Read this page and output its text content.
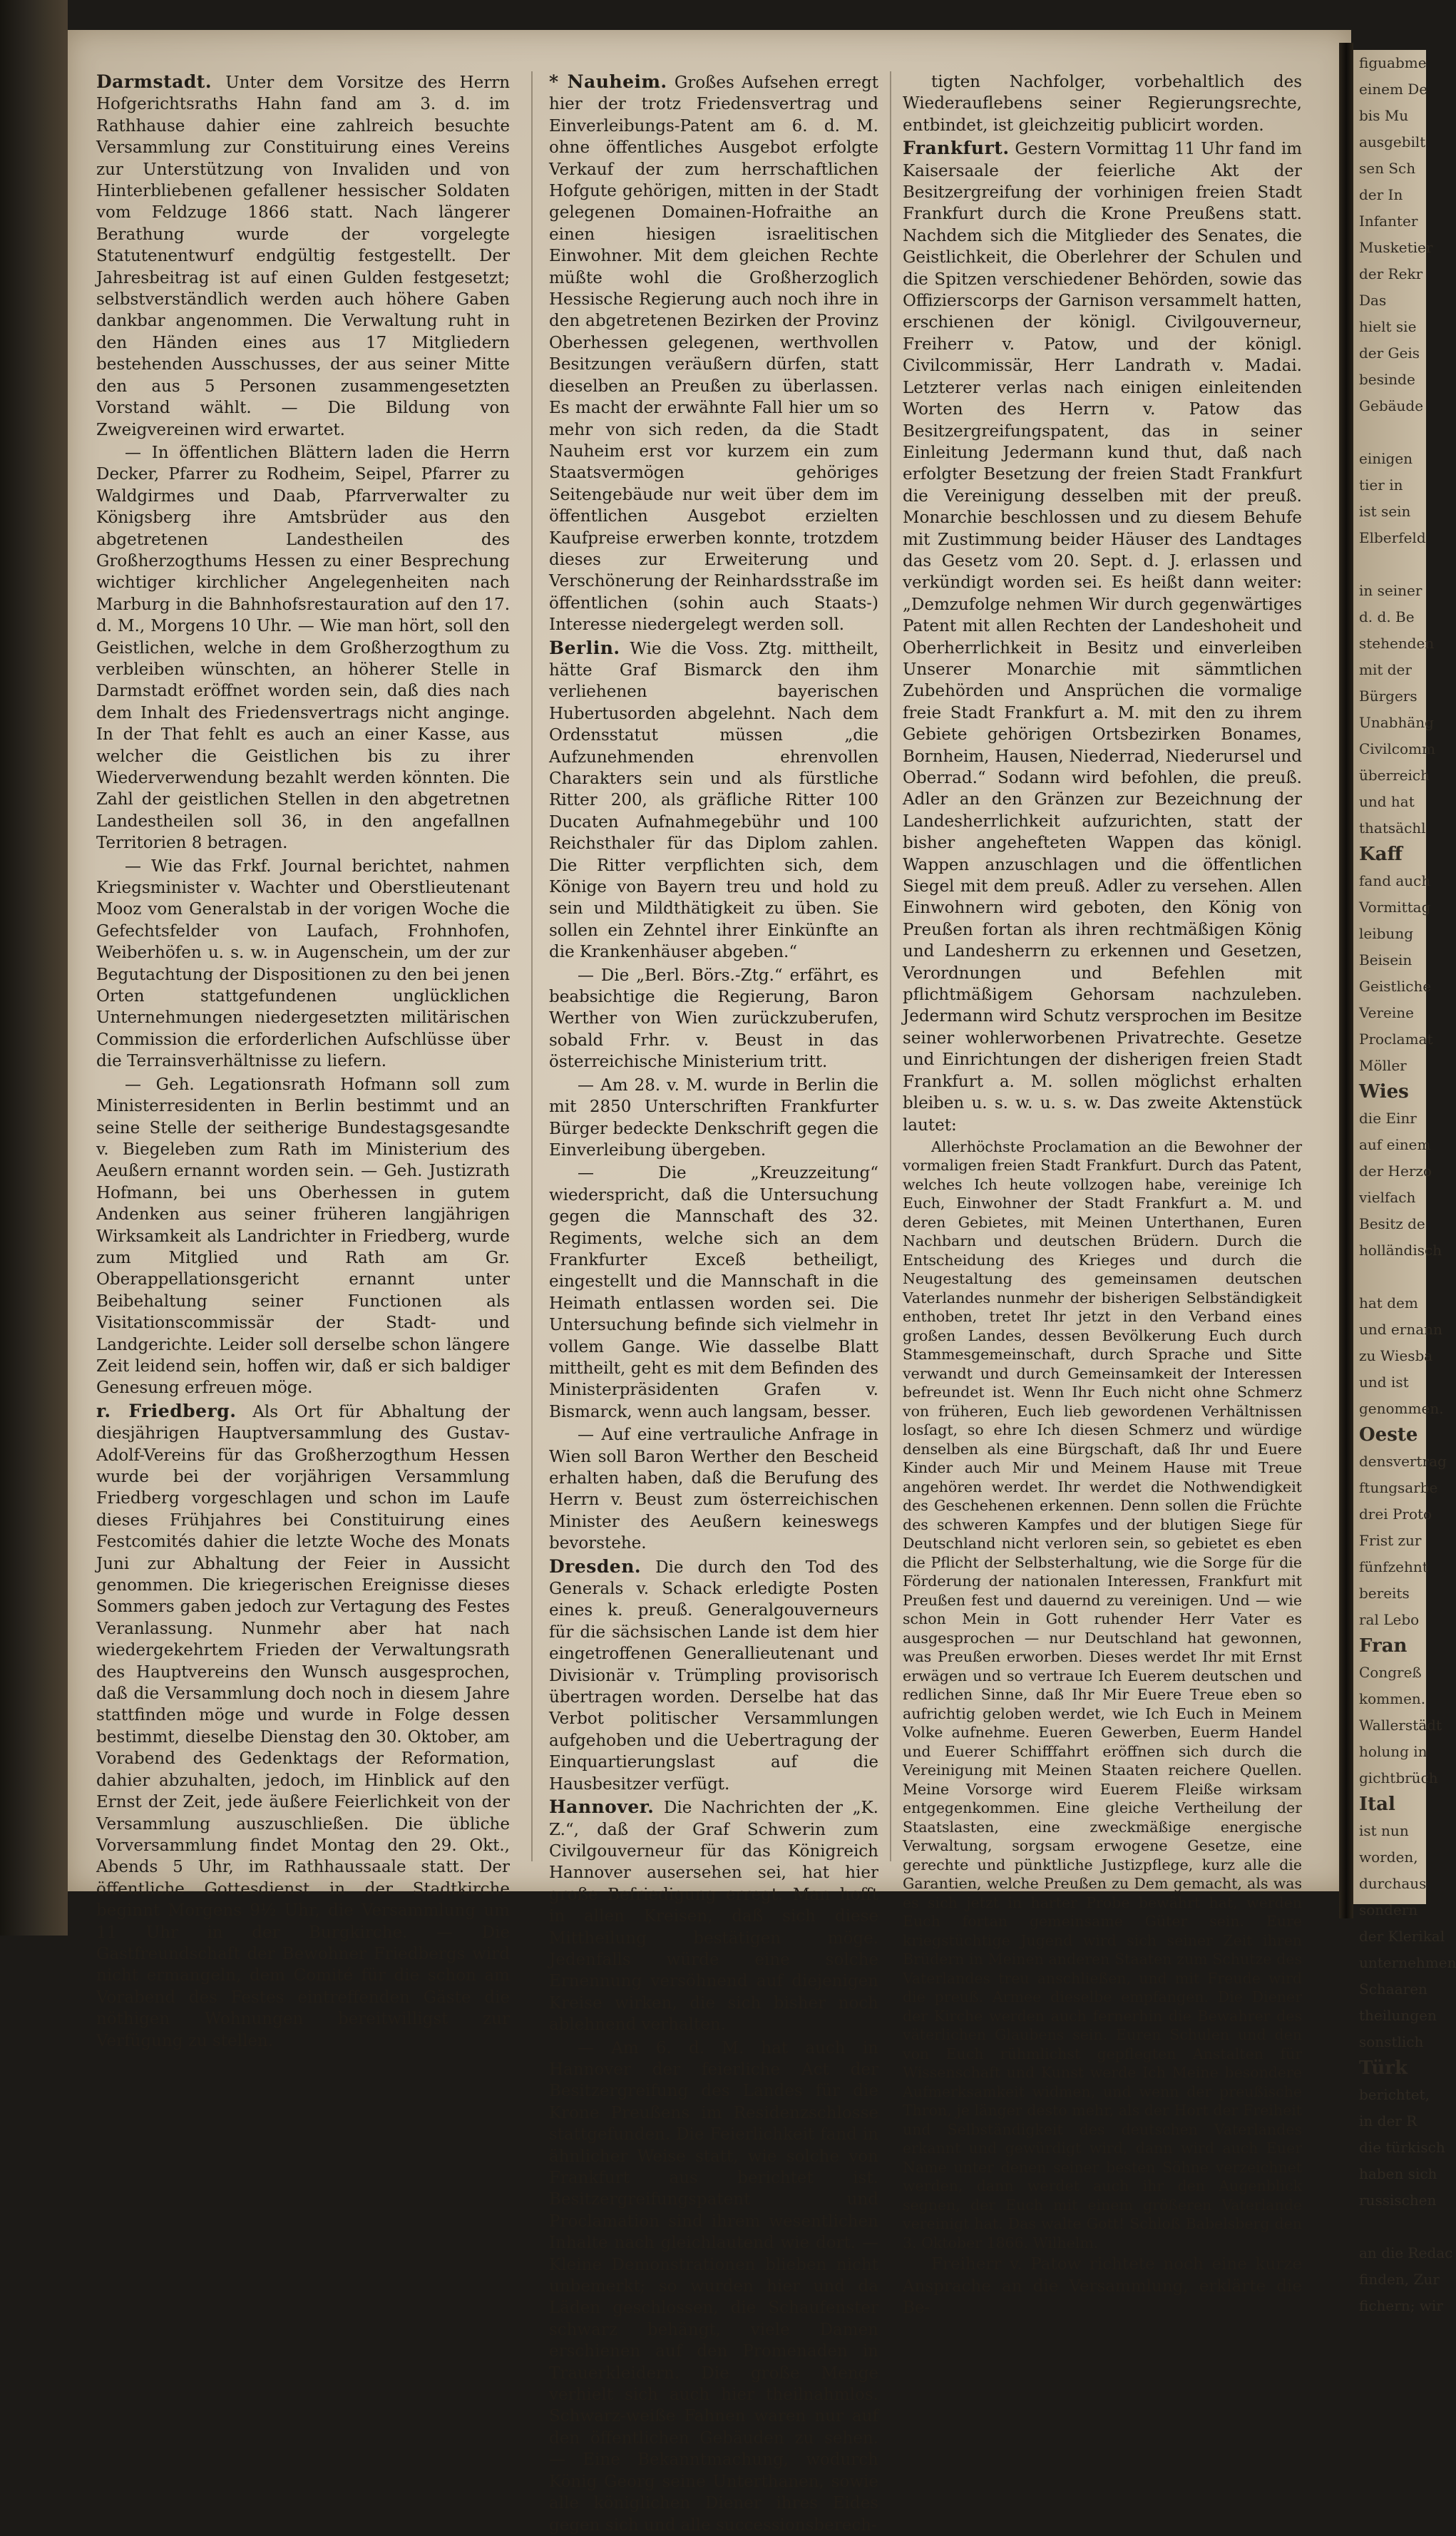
Darmstadt. Unter dem Vorsitze des Herrn Hofgerichtsraths Hahn fand am 3. d. im Rathhause dahier eine zahlreich besuchte Versammlung zur Constituirung eines Vereins zur Unterstützung von Invaliden und von Hinterbliebenen gefallener hessischer Soldaten vom Feldzuge 1866 statt. Nach längerer Berathung wurde der vorgelegte Statutenentwurf endgültig festgestellt. Der Jahresbeitrag ist auf einen Gulden festgesetzt; selbstverständlich werden auch höhere Gaben dankbar angenommen. Die Verwaltung ruht in den Händen eines aus 17 Mitgliedern bestehenden Ausschusses, der aus seiner Mitte den aus 5 Personen zusammengesetzten Vorstand wählt. — Die Bildung von Zweigvereinen wird erwartet.

— In öffentlichen Blättern laden die Herrn Decker, Pfarrer zu Rodheim, Seipel, Pfarrer zu Waldgirmes und Daab, Pfarrverwalter zu Königsberg ihre Amtsbrüder aus den abgetretenen Landestheilen des Großherzogthums Hessen zu einer Besprechung wichtiger kirchlicher Angelegenheiten nach Marburg in die Bahnhofsrestauration auf den 17. d. M., Morgens 10 Uhr. — Wie man hört, soll den Geistlichen, welche in dem Großherzogthum zu verbleiben wünschten, an höherer Stelle in Darmstadt eröffnet worden sein, daß dies nach dem Inhalt des Friedensvertrags nicht anginge. In der That fehlt es auch an einer Kasse, aus welcher die Geistlichen bis zu ihrer Wiederverwendung bezahlt werden könnten. Die Zahl der geistlichen Stellen in den abgetretnen Landestheilen soll 36, in den angefallnen Territorien 8 betragen.

— Wie das Frkf. Journal berichtet, nahmen Kriegsminister v. Wachter und Oberstlieutenant Mooz vom Generalstab in der vorigen Woche die Gefechtsfelder von Laufach, Frohnhofen, Weiberhöfen u. s. w. in Augenschein, um der zur Begutachtung der Dispositionen zu den bei jenen Orten stattgefundenen unglücklichen Unternehmungen niedergesetzten militärischen Commission die erforderlichen Aufschlüsse über die Terrainsverhältnisse zu liefern.

— Geh. Legationsrath Hofmann soll zum Ministerresidenten in Berlin bestimmt und an seine Stelle der seitherige Bundestagsgesandte v. Biegeleben zum Rath im Ministerium des Aeußern ernannt worden sein. — Geh. Justizrath Hofmann, bei uns Oberhessen in gutem Andenken aus seiner früheren langjährigen Wirksamkeit als Landrichter in Friedberg, wurde zum Mitglied und Rath am Gr. Oberappellationsgericht ernannt unter Beibehaltung seiner Functionen als Visitationscommissär der Stadt- und Landgerichte. Leider soll derselbe schon längere Zeit leidend sein, hoffen wir, daß er sich baldiger Genesung erfreuen möge.

r. Friedberg. Als Ort für Abhaltung der diesjährigen Hauptversammlung des Gustav-Adolf-Vereins für das Großherzogthum Hessen wurde bei der vorjährigen Versammlung Friedberg vorgeschlagen und schon im Laufe dieses Frühjahres bei Constituirung eines Festcomités dahier die letzte Woche des Monats Juni zur Abhaltung der Feier in Aussicht genommen. Die kriegerischen Ereignisse dieses Sommers gaben jedoch zur Vertagung des Festes Veranlassung. Nunmehr aber hat nach wiedergekehrtem Frieden der Verwaltungsrath des Hauptvereins den Wunsch ausgesprochen, daß die Versammlung doch noch in diesem Jahre stattfinden möge und wurde in Folge dessen bestimmt, dieselbe Dienstag den 30. Oktober, am Vorabend des Gedenktags der Reformation, dahier abzuhalten, jedoch, im Hinblick auf den Ernst der Zeit, jede äußere Feierlichkeit von der Versammlung auszuschließen. Die übliche Vorversammlung findet Montag den 29. Okt., Abends 5 Uhr, im Rathhaussaale statt. Der öffentliche Gottesdienst in der Stadtkirche beginnt Morgens 9½ Uhr, die Versammlung um 11 Uhr in der Burgkirche. — Die Gastfreundschaft der Bewohner Friedbergs wird nicht ermangeln, dem Comité für die schon am Vorabend des Festes eintreffenden Gäste die nöthigen Wohnungen bereitwilligst zur Verfügung zu stellen.

* Nauheim. Großes Aufsehen erregt hier der trotz Friedensvertrag und Einverleibungs-Patent am 6. d. M. ohne öffentliches Ausgebot erfolgte Verkauf der zum herrschaftlichen Hofgute gehörigen, mitten in der Stadt gelegenen Domainen-Hofraithe an einen hiesigen israelitischen Einwohner. Mit dem gleichen Rechte müßte wohl die Großherzoglich Hessische Regierung auch noch ihre in den abgetretenen Bezirken der Provinz Oberhessen gelegenen, werthvollen Besitzungen veräußern dürfen, statt dieselben an Preußen zu überlassen. Es macht der erwähnte Fall hier um so mehr von sich reden, da die Stadt Nauheim erst vor kurzem ein zum Staatsvermögen gehöriges Seitengebäude nur weit über dem im öffentlichen Ausgebot erzielten Kaufpreise erwerben konnte, trotzdem dieses zur Erweiterung und Verschönerung der Reinhardsstraße im öffentlichen (sohin auch Staats-) Interesse niedergelegt werden soll.

Berlin. Wie die Voss. Ztg. mittheilt, hätte Graf Bismarck den ihm verliehenen bayerischen Hubertusorden abgelehnt. Nach dem Ordensstatut müssen „die Aufzunehmenden ehrenvollen Charakters sein und als fürstliche Ritter 200, als gräfliche Ritter 100 Ducaten Aufnahmegebühr und 100 Reichsthaler für das Diplom zahlen. Die Ritter verpflichten sich, dem Könige von Bayern treu und hold zu sein und Mildthätigkeit zu üben. Sie sollen ein Zehntel ihrer Einkünfte an die Krankenhäuser abgeben.“

— Die „Berl. Börs.-Ztg.“ erfährt, es beabsichtige die Regierung, Baron Werther von Wien zurückzuberufen, sobald Frhr. v. Beust in das österreichische Ministerium tritt.

— Am 28. v. M. wurde in Berlin die mit 2850 Unterschriften Frankfurter Bürger bedeckte Denkschrift gegen die Einverleibung übergeben.

— Die „Kreuzzeitung“ wiederspricht, daß die Untersuchung gegen die Mannschaft des 32. Regiments, welche sich an dem Frankfurter Exceß betheiligt, eingestellt und die Mannschaft in die Heimath entlassen worden sei. Die Untersuchung befinde sich vielmehr in vollem Gange. Wie dasselbe Blatt mittheilt, geht es mit dem Befinden des Ministerpräsidenten Grafen v. Bismarck, wenn auch langsam, besser.

— Auf eine vertrauliche Anfrage in Wien soll Baron Werther den Bescheid erhalten haben, daß die Berufung des Herrn v. Beust zum österreichischen Minister des Aeußern keineswegs bevorstehe.

Dresden. Die durch den Tod des Generals v. Schack erledigte Posten eines k. preuß. Generalgouverneurs für die sächsischen Lande ist dem hier eingetroffenen Generallieutenant und Divisionär v. Trümpling provisorisch übertragen worden. Derselbe hat das Verbot politischer Versammlungen aufgehoben und die Uebertragung der Einquartierungslast auf die Hausbesitzer verfügt.

Hannover. Die Nachrichten der „K. Z.“, daß der Graf Schwerin zum Civilgouverneur für das Königreich Hannover ausersehen sei, hat hier große Befriedigung erregt. Man hofft in allen Kreisen, daß sich diese Mittheilung bestätigen möge. Jedenfalls würde eine solche Ernennung versöhnend auf diejenigen Kreise wirken, die sich bisher noch ablehnend verhalten.

— Am 6. d. M. hat auch in Hannover der feierliche Act der Besitzergreifung des Landes für die Krone Preußens im Residenzschlosse stattgefunden. Die Feierlichkeit fand in ähnlicher Weise statt, wie solche von Frankfurt aus berichtet ist. Besitzergreifungspatent und Proclamation sind ihrem wesentlichen Inhalte nach gleichlautend wie dort. — Kleine Demonstrationen blieben nicht unbemerkt; so wurden hier und da Läden geschlossen, die Schaufenster schwarz behängt, viele Damen erschienen auf den Promenaden in Trauerkleidern. Die große Menge verhielt sich auch hier theilnahmlos. Schwarz-weiße Fahnen waren nur auf den öffentlichen Gebäuden zu sehen. — Eine Bekanntmachung, wodurch König Georg seine Unterthanen, sowie alle königlichen Diener ihres Eides gegen sich und alle successionsberech-

tigten Nachfolger, vorbehaltlich des Wiederauflebens seiner Regierungsrechte, entbindet, ist gleichzeitig publicirt worden.

Frankfurt. Gestern Vormittag 11 Uhr fand im Kaisersaale der feierliche Akt der Besitzergreifung der vorhinigen freien Stadt Frankfurt durch die Krone Preußens statt. Nachdem sich die Mitglieder des Senates, die Geistlichkeit, die Oberlehrer der Schulen und die Spitzen verschiedener Behörden, sowie das Offizierscorps der Garnison versammelt hatten, erschienen der königl. Civilgouverneur, Freiherr v. Patow, und der königl. Civilcommissär, Herr Landrath v. Madai. Letzterer verlas nach einigen einleitenden Worten des Herrn v. Patow das Besitzergreifungspatent, das in seiner Einleitung Jedermann kund thut, daß nach erfolgter Besetzung der freien Stadt Frankfurt die Vereinigung desselben mit der preuß. Monarchie beschlossen und zu diesem Behufe mit Zustimmung beider Häuser des Landtages das Gesetz vom 20. Sept. d. J. erlassen und verkündigt worden sei. Es heißt dann weiter: „Demzufolge nehmen Wir durch gegenwärtiges Patent mit allen Rechten der Landeshoheit und Oberherrlichkeit in Besitz und einverleiben Unserer Monarchie mit sämmtlichen Zubehörden und Ansprüchen die vormalige freie Stadt Frankfurt a. M. mit den zu ihrem Gebiete gehörigen Ortsbezirken Bonames, Bornheim, Hausen, Niederrad, Niederursel und Oberrad.“ Sodann wird befohlen, die preuß. Adler an den Gränzen zur Bezeichnung der Landesherrlichkeit aufzurichten, statt der bisher angehefteten Wappen das königl. Wappen anzuschlagen und die öffentlichen Siegel mit dem preuß. Adler zu versehen. Allen Einwohnern wird geboten, den König von Preußen fortan als ihren rechtmäßigen König und Landesherrn zu erkennen und Gesetzen, Verordnungen und Befehlen mit pflichtmäßigem Gehorsam nachzuleben. Jedermann wird Schutz versprochen im Besitze seiner wohlerworbenen Privatrechte. Gesetze und Einrichtungen der disherigen freien Stadt Frankfurt a. M. sollen möglichst erhalten bleiben u. s. w. u. s. w. Das zweite Aktenstück lautet:

Allerhöchste Proclamation an die Bewohner der vormaligen freien Stadt Frankfurt. Durch das Patent, welches Ich heute vollzogen habe, vereinige Ich Euch, Einwohner der Stadt Frankfurt a. M. und deren Gebietes, mit Meinen Unterthanen, Euren Nachbarn und deutschen Brüdern. Durch die Entscheidung des Krieges und durch die Neugestaltung des gemeinsamen deutschen Vaterlandes nunmehr der bisherigen Selbständigkeit enthoben, tretet Ihr jetzt in den Verband eines großen Landes, dessen Bevölkerung Euch durch Stammesgemeinschaft, durch Sprache und Sitte verwandt und durch Gemeinsamkeit der Interessen befreundet ist. Wenn Ihr Euch nicht ohne Schmerz von früheren, Euch lieb gewordenen Verhältnissen losſagt, so ehre Ich diesen Schmerz und würdige denselben als eine Bürgschaft, daß Ihr und Euere Kinder auch Mir und Meinem Hause mit Treue angehören werdet. Ihr werdet die Nothwendigkeit des Geschehenen erkennen. Denn sollen die Früchte des schweren Kampfes und der blutigen Siege für Deutschland nicht verloren sein, so gebietet es eben die Pflicht der Selbsterhaltung, wie die Sorge für die Förderung der nationalen Interessen, Frankfurt mit Preußen fest und dauernd zu vereinigen. Und — wie schon Mein in Gott ruhender Herr Vater es ausgesprochen — nur Deutschland hat gewonnen, was Preußen erworben. Dieses werdet Ihr mit Ernst erwägen und so vertraue Ich Euerem deutschen und redlichen Sinne, daß Ihr Mir Euere Treue eben so aufrichtig geloben werdet, wie Ich Euch in Meinem Volke aufnehme. Eueren Gewerben, Euerm Handel und Euerer Schifffahrt eröffnen sich durch die Vereinigung mit Meinen Staaten reichere Quellen. Meine Vorsorge wird Euerem Fleiße wirksam entgegenkommen. Eine gleiche Vertheilung der Staatslasten, eine zweckmäßige energische Verwaltung, sorgsam erwogene Gesetze, eine gerechte und pünktliche Justizpflege, kurz alle die Garantien, welche Preußen zu Dem gemacht, als was es sich jetzt in harter Probe bewährt hat, werden Euch fortan gemeinsame Güter sein. Eure kriegstüchtige Jugend wird sich seiner Zeit ihren Brüdern in Meinen anderen Staaten zum Schutze des Vaterlandes treu anschließen, und mit Freude wird die preuß. Armee dieselbe empfangen. Die Diener der Kirche werden auch fernerhin die Bewahrer des väterlichen Glaubens sein. Euren Schulen und den von Euch rühmlichst gepflegten Anstalten für Wissenschaft und Kunst werde Ich Meine besondere Aufmerksamkeit widmen, und wenn der preußische Thron, je länger desto mehr, als der Hort der Freiheit und Selbständigkeit des deutschen Vaterlandes erkannt und gewürdigt wird, dann wird auch Euer Name unter denen seiner besten Söhne verzeichnet werden, dann werdet auch ihr den Augenblick segnen, der Euch mit einem größeren Vaterlande vereinigt hat. Das walte Gott! Schloß Babelsberg den 3. Oktober 1866. Wilhelm.

Freiherr v. Patow richtete noch eine kurze Ansprache an die Versammlung, erklärte die Be-

figuabme
einem De
bis Mu
ausgebilt
sen Sch
der In
Infanter
Musketier
der Rekr
Das
hielt sie
der Geis
besinde
Gebäude

einigen
tier in
ist sein
Elberfeld

in seiner
d. d. Be
stehenden
mit der
Bürgers
Unabhäng
Civilcomm
überreich
und hat
thatsächl
Kaff
fand auch
Vormittag
leibung
Beisein
Geistliche
Vereine
Proclamat
Möller
Wies
die Einr
auf einem
der Herzo
vielfach
Besitz de
holländisch

hat dem
und ernann
zu Wiesba
und ist
genommen.
Oeste
densvertrag
ftungsarbe
drei Proto
Frist zur
fünfzehnt
bereits
ral Lebo
Fran
Congreß
kommen.
Wallerstädt
holung in
gichtbrüch
Ital
ist nun
worden,
durchaus
sondern
der Klerikal
unternehmen
Schaaren
theilungen
sonstlich
Türk
berichtet,
in der R
die türkisch
haben sich
russischen

an die Redac
finden, Zur
fichern; wir
